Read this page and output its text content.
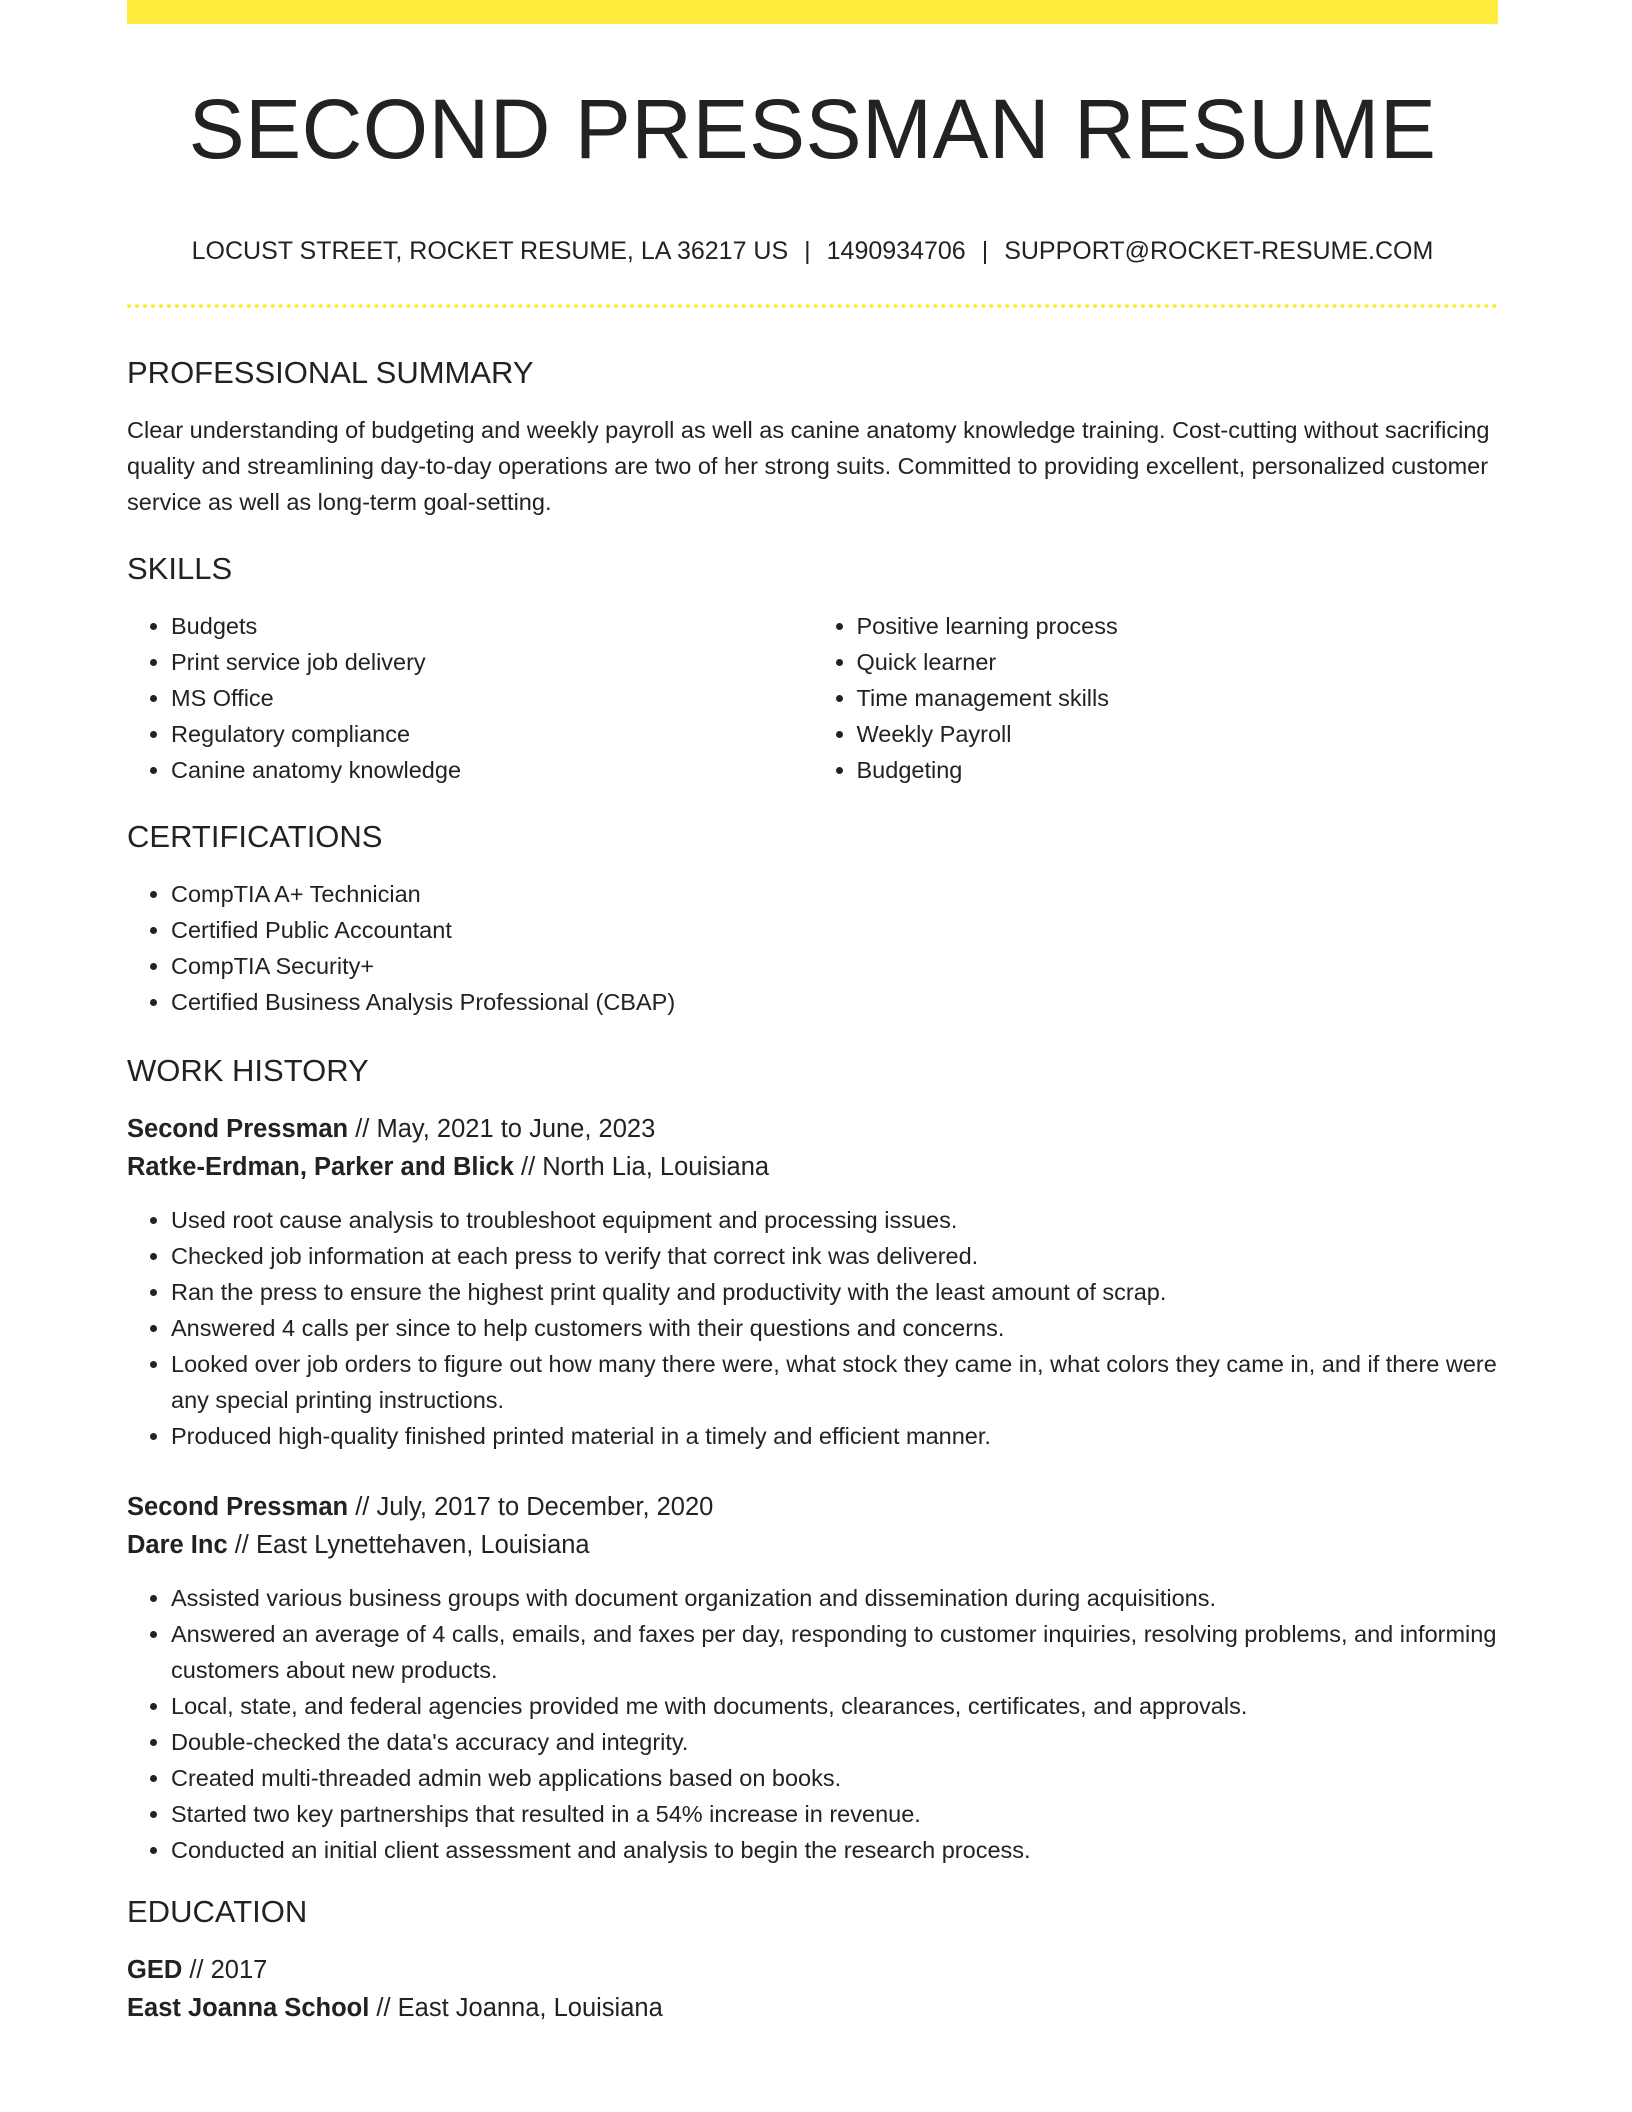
SECOND PRESSMAN RESUME
LOCUST STREET, ROCKET RESUME, LA 36217 US | 1490934706 | SUPPORT@ROCKET-RESUME.COM
PROFESSIONAL SUMMARY

Clear understanding of budgeting and weekly payroll as well as canine anatomy knowledge training. Cost-cutting without sacrificing quality and streamlining day-to-day operations are two of her strong suits. Committed to providing excellent, personalized customer service as well as long-term goal-setting.

SKILLS
• Budgets
• Print service job delivery
• MS Office
• Regulatory compliance
• Canine anatomy knowledge
• Positive learning process
• Quick learner
• Time management skills
• Weekly Payroll
• Budgeting
CERTIFICATIONS
• CompTIA A+ Technician
• Certified Public Accountant
• CompTIA Security+
• Certified Business Analysis Professional (CBAP)
WORK HISTORY
Second Pressman // May, 2021 to June, 2023
Ratke-Erdman, Parker and Blick // North Lia, Louisiana
• Used root cause analysis to troubleshoot equipment and processing issues.
• Checked job information at each press to verify that correct ink was delivered.
• Ran the press to ensure the highest print quality and productivity with the least amount of scrap.
• Answered 4 calls per since to help customers with their questions and concerns.
• Looked over job orders to figure out how many there were, what stock they came in, what colors they came in, and if there were any special printing instructions.
• Produced high-quality finished printed material in a timely and efficient manner.
Second Pressman // July, 2017 to December, 2020
Dare Inc // East Lynettehaven, Louisiana
• Assisted various business groups with document organization and dissemination during acquisitions.
• Answered an average of 4 calls, emails, and faxes per day, responding to customer inquiries, resolving problems, and informing customers about new products.
• Local, state, and federal agencies provided me with documents, clearances, certificates, and approvals.
• Double-checked the data's accuracy and integrity.
• Created multi-threaded admin web applications based on books.
• Started two key partnerships that resulted in a 54% increase in revenue.
• Conducted an initial client assessment and analysis to begin the research process.
EDUCATION
GED // 2017
East Joanna School // East Joanna, Louisiana
